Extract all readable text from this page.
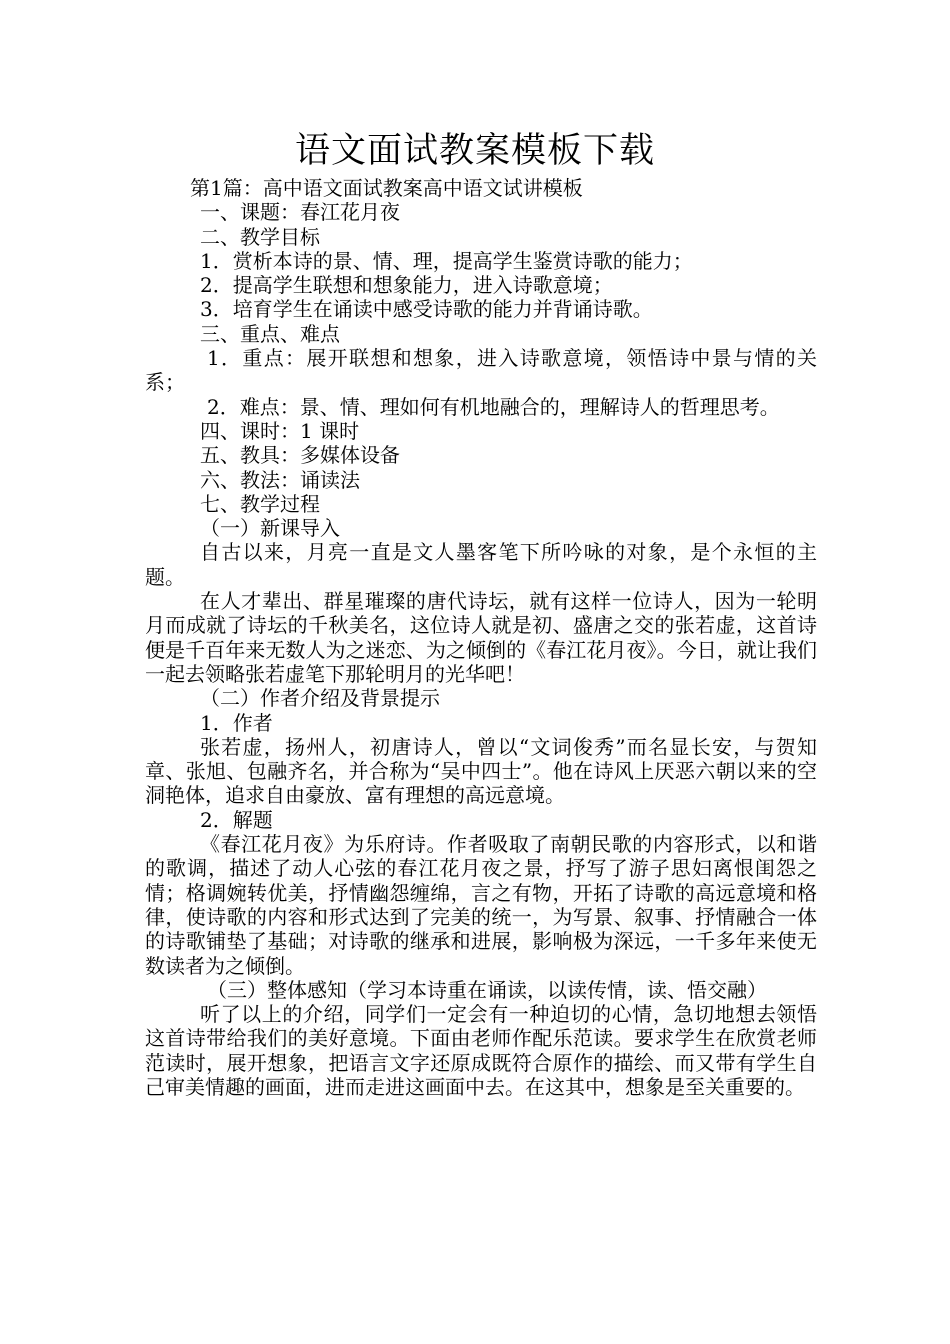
语文面试教案模板下载

第1篇：高中语文面试教案高中语文试讲模板

一、课题：春江花月夜

二、教学目标

1．赏析本诗的景、情、理，提高学生鉴赏诗歌的能力；

2．提高学生联想和想象能力，进入诗歌意境；

3．培育学生在诵读中感受诗歌的能力并背诵诗歌。

三、重点、难点

1．重点：展开联想和想象，进入诗歌意境，领悟诗中景与情的关系；

2．难点：景、情、理如何有机地融合的，理解诗人的哲理思考。

四、课时：1 课时

五、教具：多媒体设备

六、教法：诵读法

七、教学过程

（一）新课导入

自古以来，月亮一直是文人墨客笔下所吟咏的对象，是个永恒的主题。

在人才辈出、群星璀璨的唐代诗坛，就有这样一位诗人，因为一轮明月而成就了诗坛的千秋美名，这位诗人就是初、盛唐之交的张若虚，这首诗便是千百年来无数人为之迷恋、为之倾倒的《春江花月夜》。今日，就让我们一起去领略张若虚笔下那轮明月的光华吧！

（二）作者介绍及背景提示

1．作者

张若虚，扬州人，初唐诗人，曾以“文词俊秀”而名显长安，与贺知章、张旭、包融齐名，并合称为“吴中四士”。他在诗风上厌恶六朝以来的空洞艳体，追求自由豪放、富有理想的高远意境。

2．解题

《春江花月夜》为乐府诗。作者吸取了南朝民歌的内容形式，以和谐的歌调，描述了动人心弦的春江花月夜之景，抒写了游子思妇离恨闺怨之情；格调婉转优美，抒情幽怨缠绵，言之有物，开拓了诗歌的高远意境和格律，使诗歌的内容和形式达到了完美的统一，为写景、叙事、抒情融合一体的诗歌铺垫了基础；对诗歌的继承和进展，影响极为深远，一千多年来使无数读者为之倾倒。

（三）整体感知（学习本诗重在诵读，以读传情，读、悟交融）

听了以上的介绍，同学们一定会有一种迫切的心情，急切地想去领悟这首诗带给我们的美好意境。下面由老师作配乐范读。要求学生在欣赏老师范读时，展开想象，把语言文字还原成既符合原作的描绘、而又带有学生自己审美情趣的画面，进而走进这画面中去。在这其中，想象是至关重要的。
